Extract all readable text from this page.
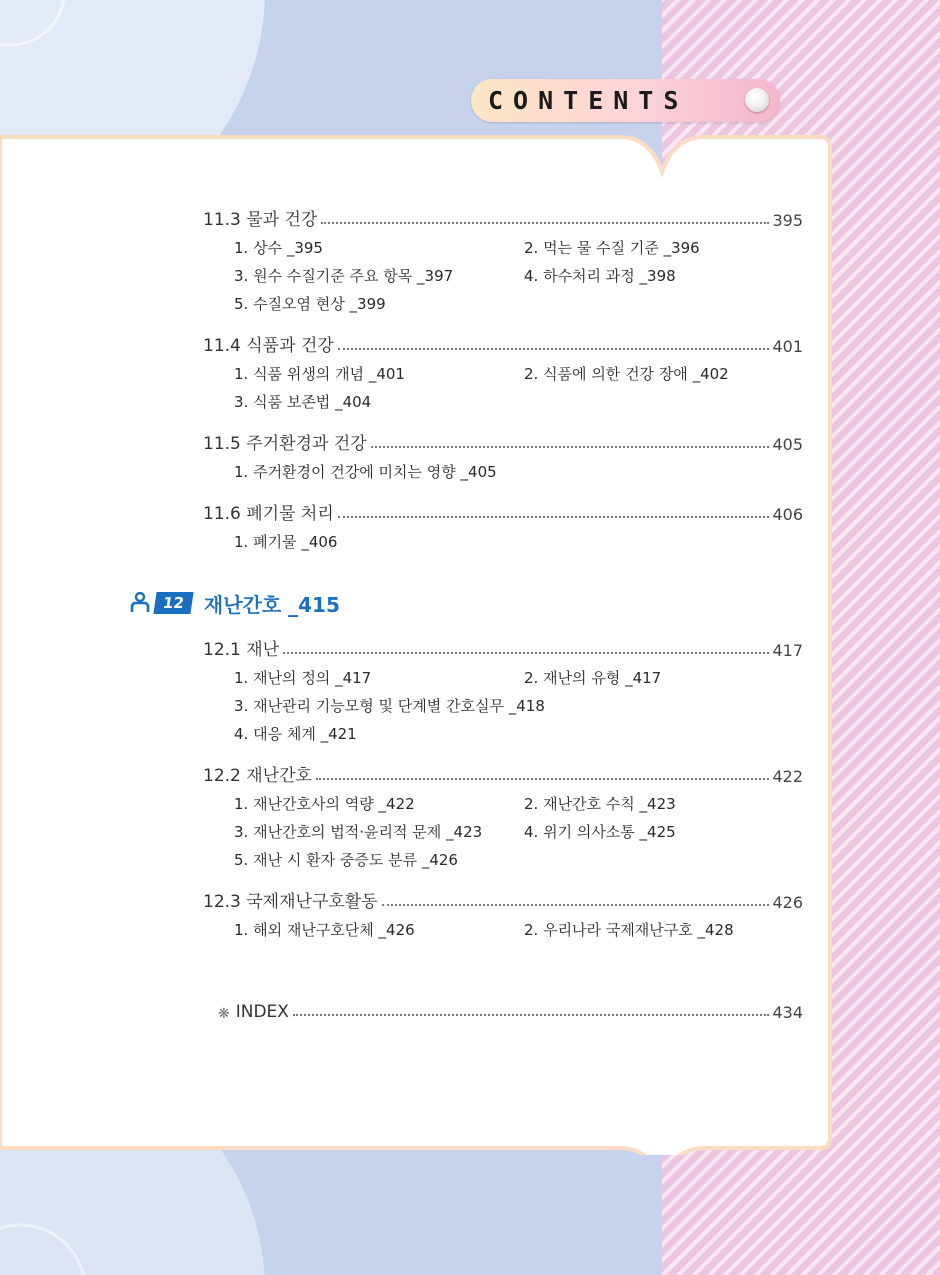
CONTENTS
11.3 물과 건강	395
1. 상수 _395	2. 먹는 물 수질 기준 _396
3. 원수 수질기준 주요 항목 _397	4. 하수처리 과정 _398
5. 수질오염 현상 _399
11.4 식품과 건강	401
1. 식품 위생의 개념 _401	2. 식품에 의한 건강 장애 _402
3. 식품 보존법 _404
11.5 주거환경과 건강	405
1. 주거환경이 건강에 미치는 영향 _405
11.6 폐기물 처리	406
1. 폐기물 _406
12 재난간호 _415
12.1 재난	417
1. 재난의 정의 _417	2. 재난의 유형 _417
3. 재난관리 기능모형 및 단계별 간호실무 _418
4. 대응 체계 _421
12.2 재난간호	422
1. 재난간호사의 역량 _422	2. 재난간호 수칙 _423
3. 재난간호의 법적·윤리적 문제 _423	4. 위기 의사소통 _425
5. 재난 시 환자 중증도 분류 _426
12.3 국제재난구호활동	426
1. 해외 재난구호단체 _426	2. 우리나라 국제재난구호 _428
❋ INDEX	434
